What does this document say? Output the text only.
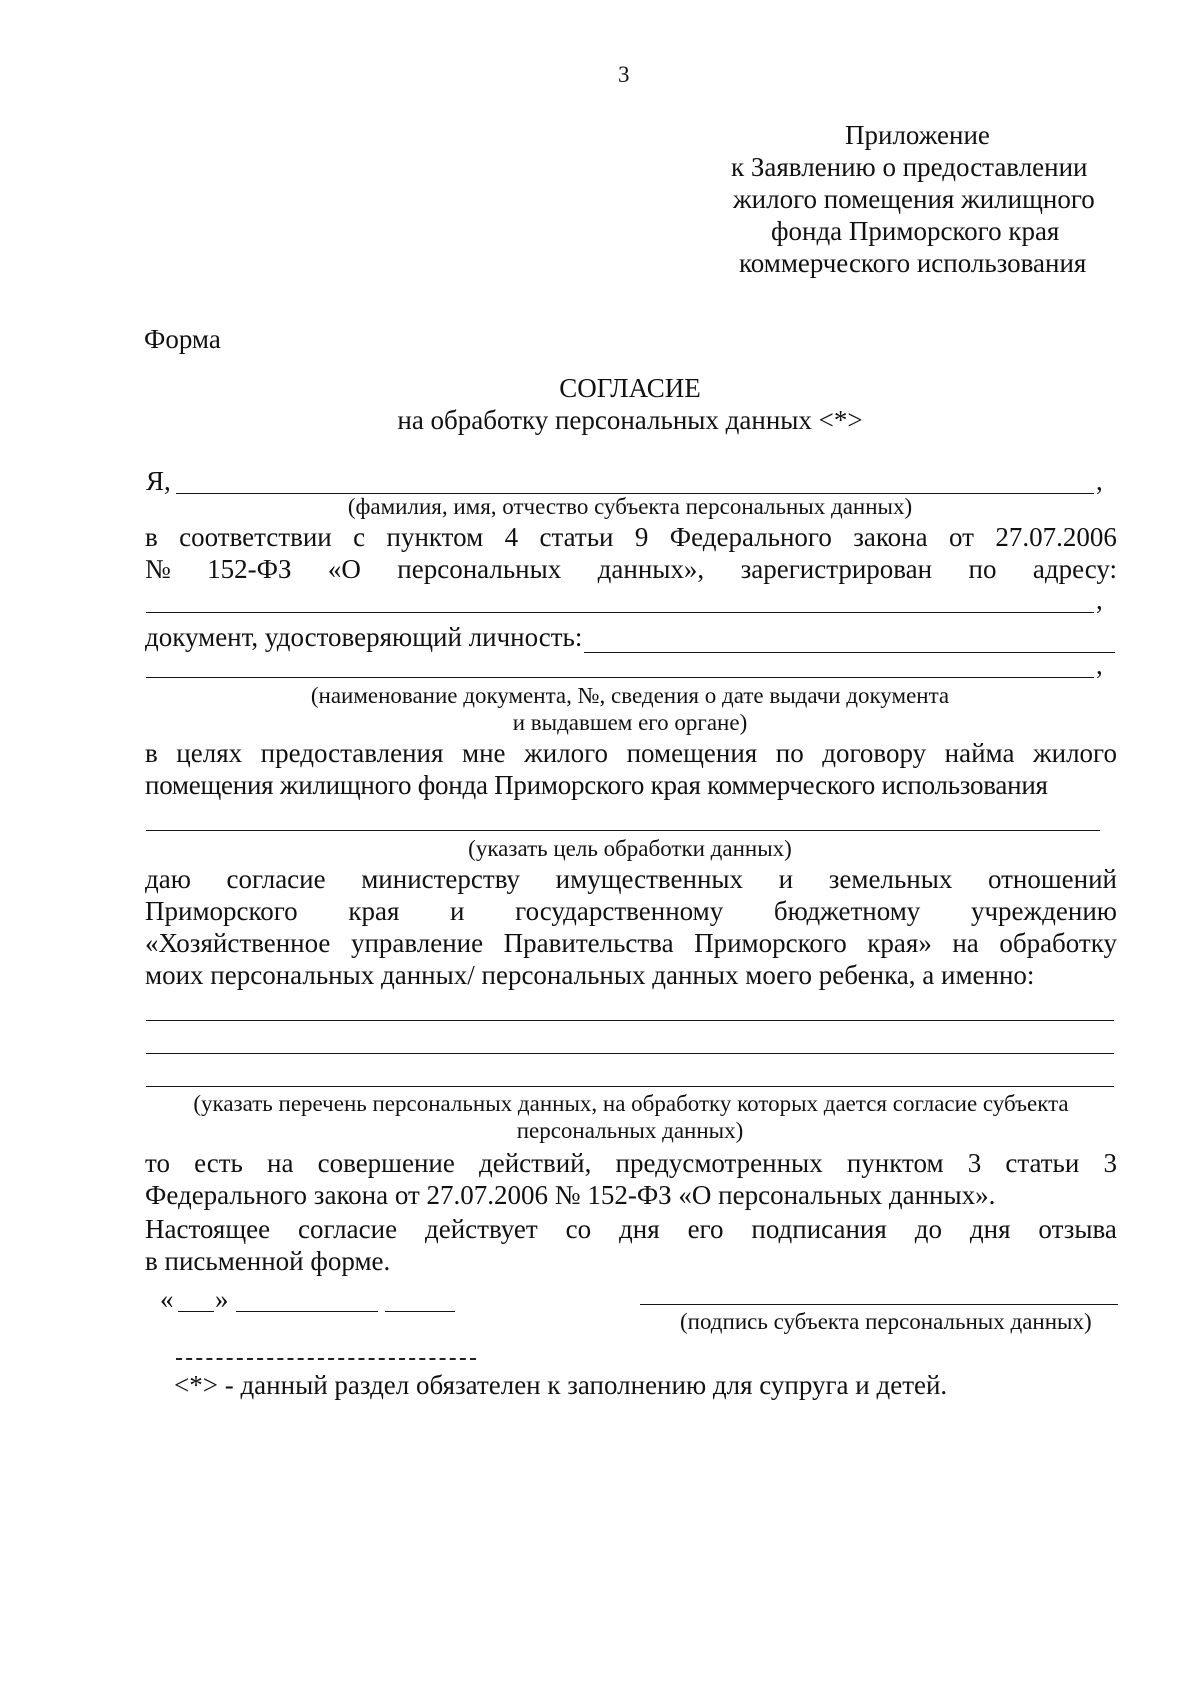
3
Приложение
к Заявлению о предоставлении
жилого помещения жилищного
фонда Приморского края
коммерческого использования
Форма
СОГЛАСИЕ
на обработку персональных данных <*>
Я,	,
(фамилия, имя, отчество субъекта персональных данных)
в соответствии с пунктом 4 статьи 9 Федерального закона от 27.07.2006
№ 152-ФЗ «О персональных данных», зарегистрирован по адресу:
,
документ, удостоверяющий личность:
,
(наименование документа, №, сведения о дате выдачи документа
и выдавшем его органе)
в целях предоставления мне жилого помещения по договору найма жилого
помещения жилищного фонда Приморского края коммерческого использования
(указать цель обработки данных)
даю согласие министерству имущественных и земельных отношений
Приморского края и государственному бюджетному учреждению
«Хозяйственное управление Правительства Приморского края» на обработку
моих персональных данных/ персональных данных моего ребенка, а именно:
(указать перечень персональных данных, на обработку которых дается согласие субъекта
персональных данных)
то есть на совершение действий, предусмотренных пунктом 3 статьи 3
Федерального закона от 27.07.2006 № 152-ФЗ «О персональных данных».
Настоящее согласие действует со дня его подписания до дня отзыва
в письменной форме.
« »
(подпись субъекта персональных данных)
<*> - данный раздел обязателен к заполнению для супруга и детей.
